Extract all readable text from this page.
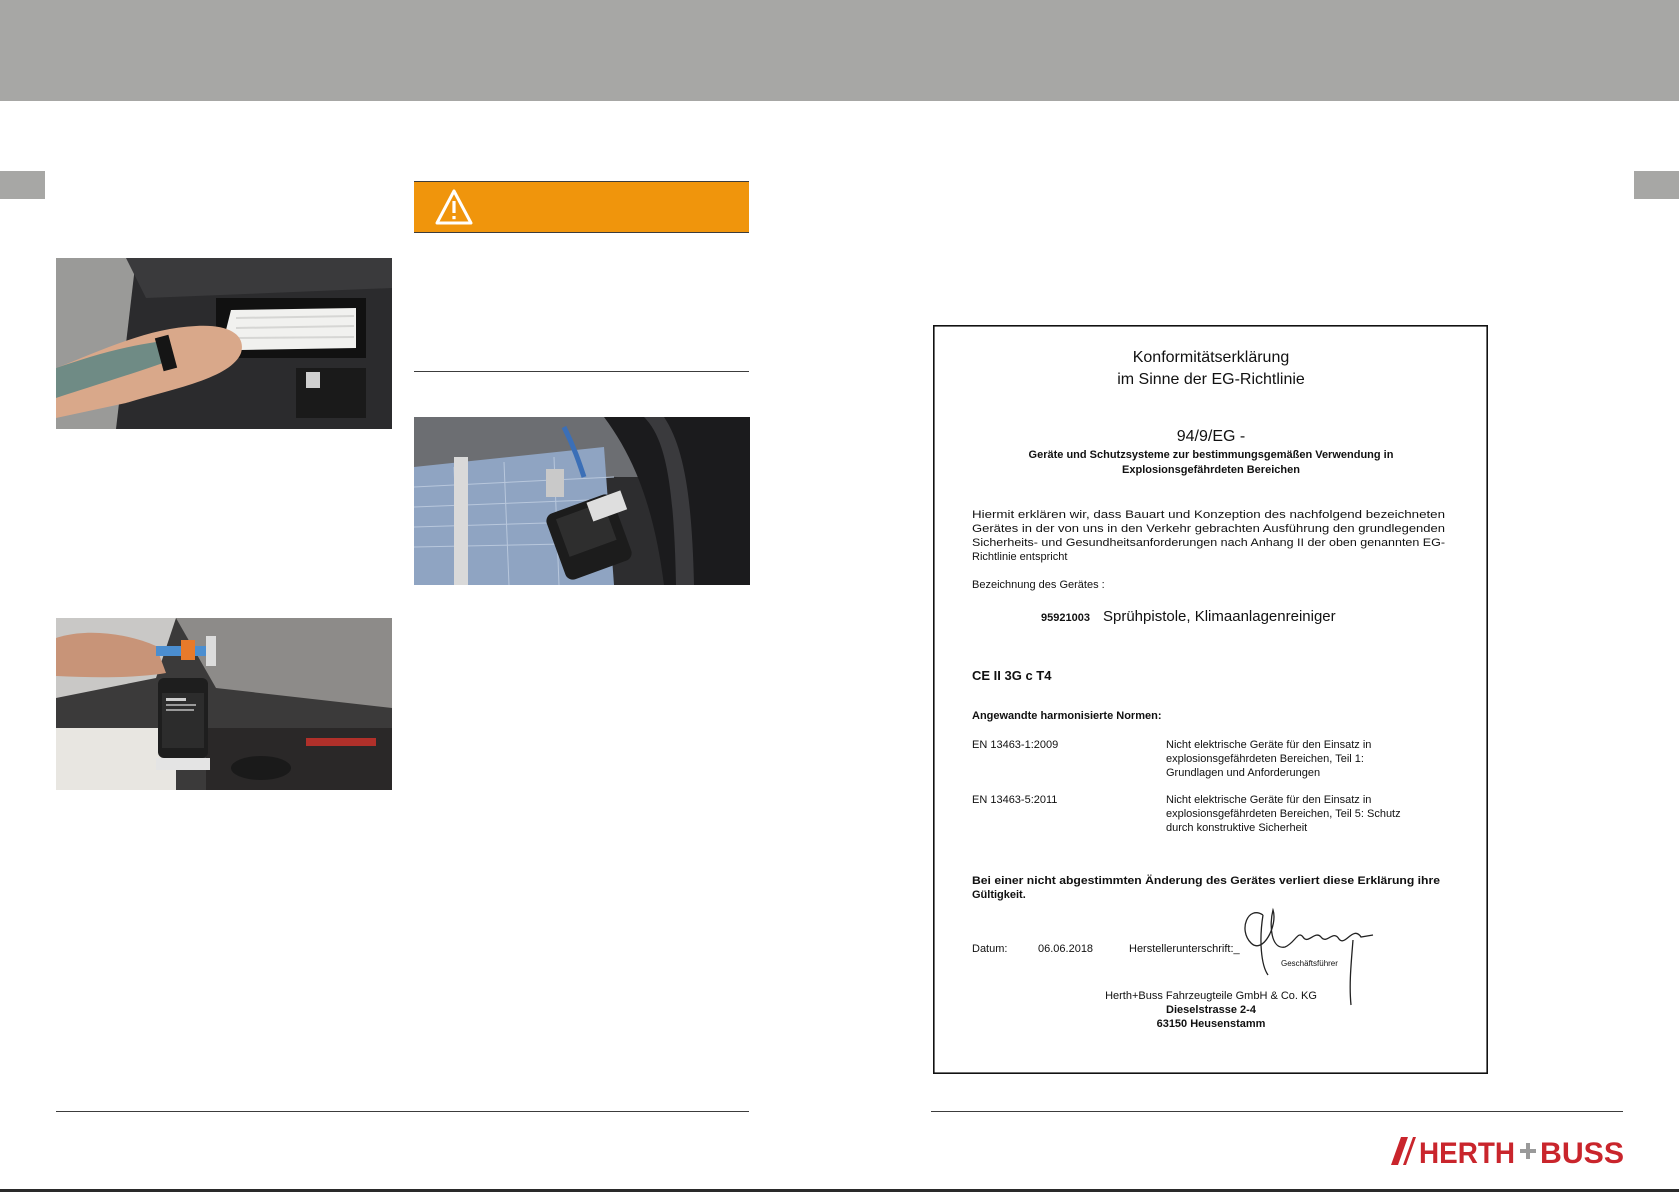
Konformitätserklärung
im Sinne der EG-Richtlinie
94/9/EG -
Geräte und Schutzsysteme zur bestimmungsgemäßen Verwendung in
Explosionsgefährdeten Bereichen
Hiermit erklären wir, dass Bauart und Konzeption des nachfolgend bezeichneten
Gerätes in der von uns in den Verkehr gebrachten Ausführung den grundlegenden
Sicherheits- und Gesundheitsanforderungen nach Anhang II der oben genannten EG-
Richtlinie entspricht
Bezeichnung des Gerätes :
95921003 Sprühpistole, Klimaanlagenreiniger
CE II 3G c T4
Angewandte harmonisierte Normen:
EN 13463-1:2009	Nicht elektrische Geräte für den Einsatz in
explosionsgefährdeten Bereichen, Teil 1:
Grundlagen und Anforderungen
EN 13463-5:2011	Nicht elektrische Geräte für den Einsatz in
explosionsgefährdeten Bereichen, Teil 5: Schutz
durch konstruktive Sicherheit
Bei einer nicht abgestimmten Änderung des Gerätes verliert diese Erklärung ihre
Gültigkeit.
Datum:	06.06.2018	Herstellerunterschrift:_
Geschäftsführer
Herth+Buss Fahrzeugteile GmbH & Co. KG
Dieselstrasse 2-4
63150 Heusenstamm
HERTH BUSS
